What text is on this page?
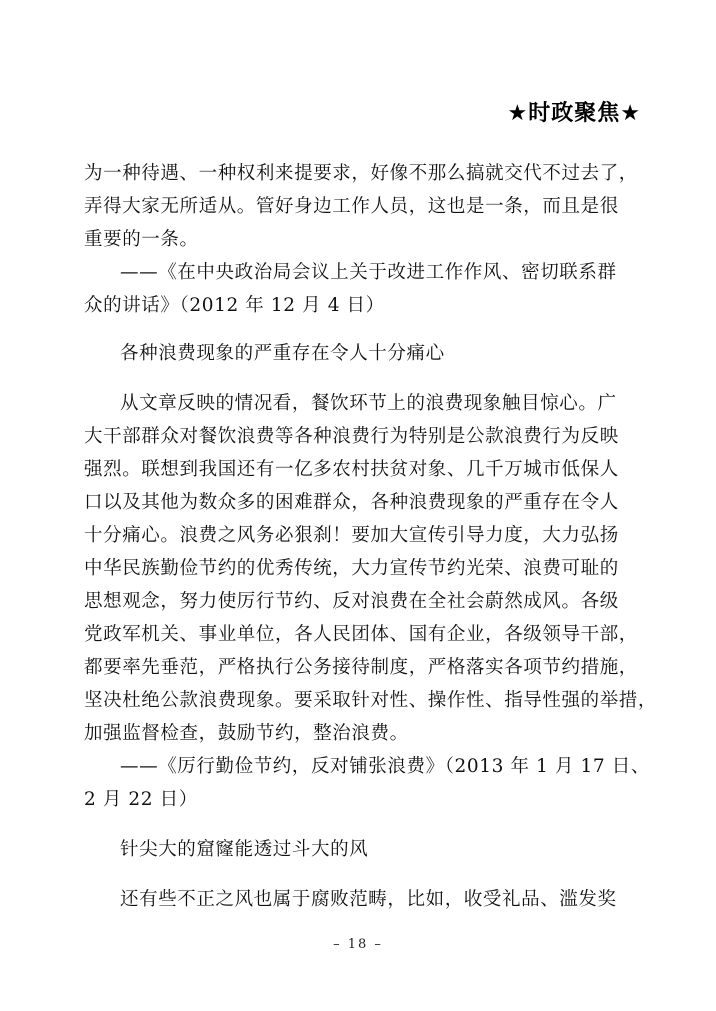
★时政聚焦★
为一种待遇、一种权利来提要求，好像不那么搞就交代不过去了，
弄得大家无所适从。管好身边工作人员，这也是一条，而且是很
重要的一条。
——《在中央政治局会议上关于改进工作作风、密切联系群
众的讲话》（2012 年 12 月 4 日）
各种浪费现象的严重存在令人十分痛心
从文章反映的情况看，餐饮环节上的浪费现象触目惊心。广
大干部群众对餐饮浪费等各种浪费行为特别是公款浪费行为反映
强烈。联想到我国还有一亿多农村扶贫对象、几千万城市低保人
口以及其他为数众多的困难群众，各种浪费现象的严重存在令人
十分痛心。浪费之风务必狠刹！要加大宣传引导力度，大力弘扬
中华民族勤俭节约的优秀传统，大力宣传节约光荣、浪费可耻的
思想观念，努力使厉行节约、反对浪费在全社会蔚然成风。各级
党政军机关、事业单位，各人民团体、国有企业，各级领导干部，
都要率先垂范，严格执行公务接待制度，严格落实各项节约措施，
坚决杜绝公款浪费现象。要采取针对性、操作性、指导性强的举措，
加强监督检查，鼓励节约，整治浪费。
——《厉行勤俭节约，反对铺张浪费》（2013 年 1 月 17 日、
2 月 22 日）
针尖大的窟窿能透过斗大的风
还有些不正之风也属于腐败范畴，比如，收受礼品、滥发奖
– 18 –
